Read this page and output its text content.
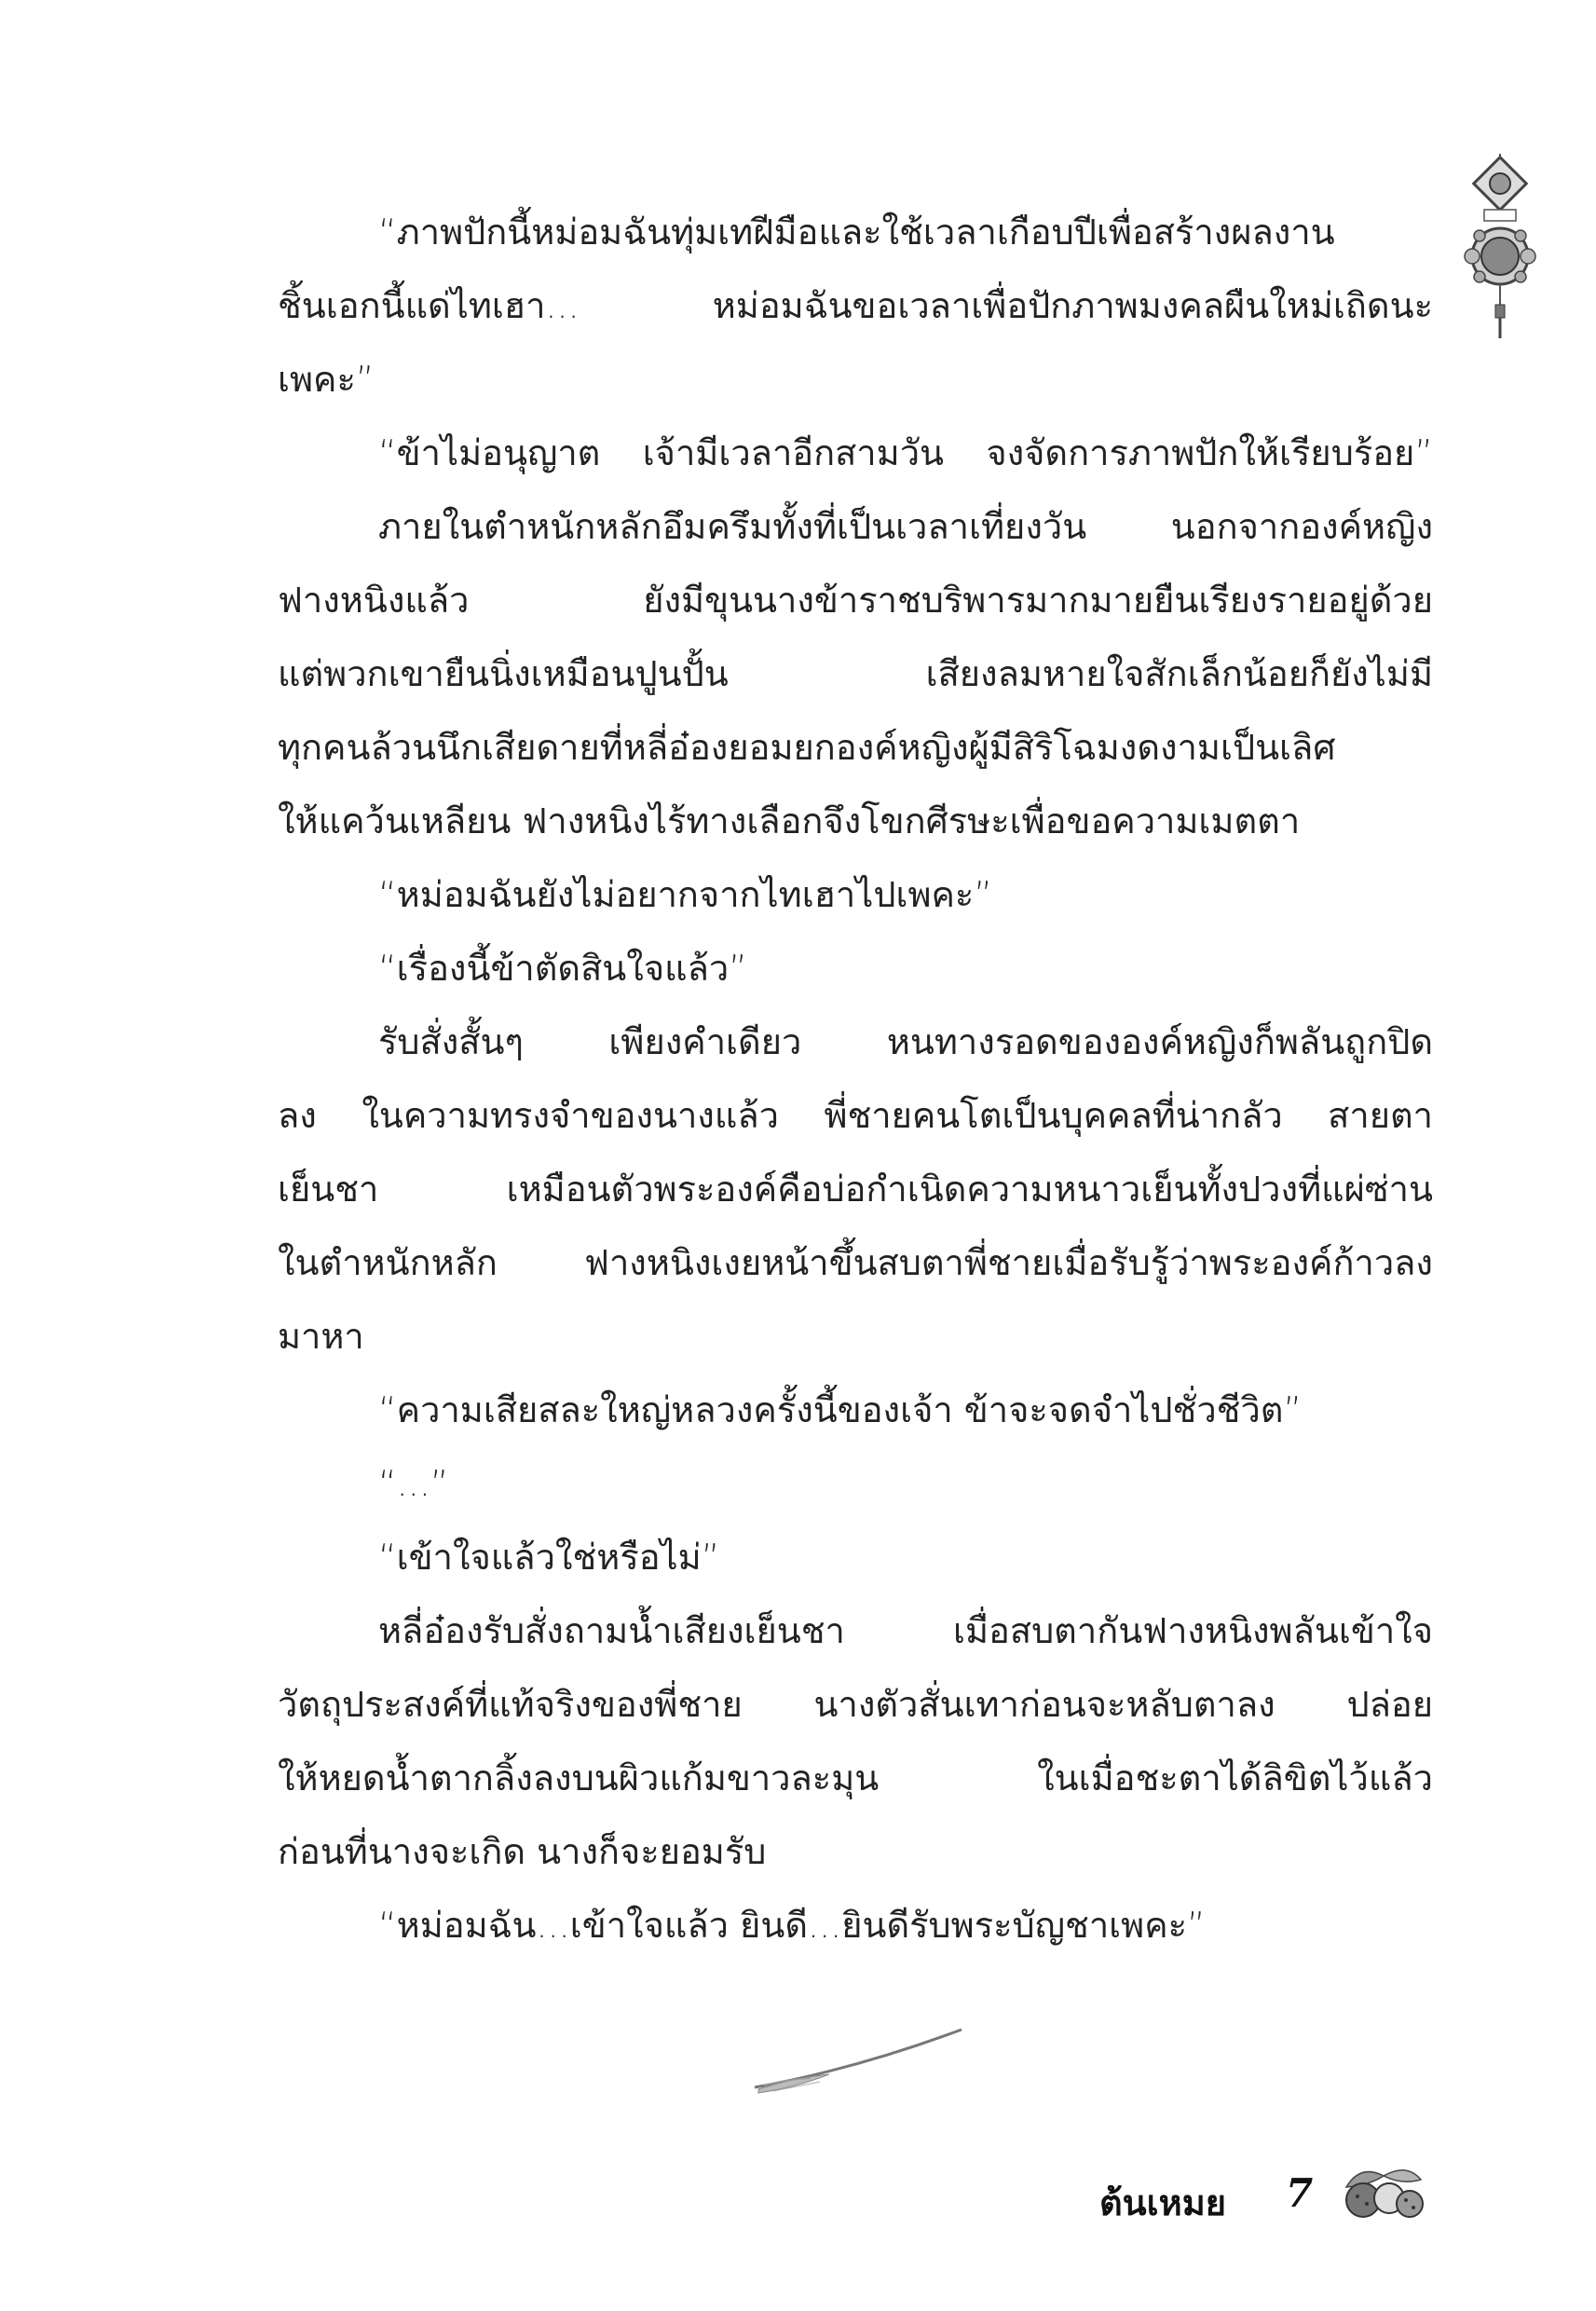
“ภาพปักนี้หม่อมฉันทุ่มเทฝีมือและใช้เวลาเกือบปีเพื่อสร้างผลงาน
ชิ้นเอกนี้แด่ไทเฮา... หม่อมฉันขอเวลาเพื่อปักภาพมงคลผืนใหม่เถิดนะ
เพคะ”
“ข้าไม่อนุญาต เจ้ามีเวลาอีกสามวัน จงจัดการภาพปักให้เรียบร้อย”
ภายในตำหนักหลักอึมครึมทั้งที่เป็นเวลาเที่ยงวัน นอกจากองค์หญิง
ฟางหนิงแล้ว ยังมีขุนนางข้าราชบริพารมากมายยืนเรียงรายอยู่ด้วย
แต่พวกเขายืนนิ่งเหมือนปูนปั้น เสียงลมหายใจสักเล็กน้อยก็ยังไม่มี
ทุกคนล้วนนึกเสียดายที่หลี่อ๋องยอมยกองค์หญิงผู้มีสิริโฉมงดงามเป็นเลิศ
ให้แคว้นเหลียน ฟางหนิงไร้ทางเลือกจึงโขกศีรษะเพื่อขอความเมตตา
“หม่อมฉันยังไม่อยากจากไทเฮาไปเพคะ”
“เรื่องนี้ข้าตัดสินใจแล้ว”
รับสั่งสั้นๆ เพียงคำเดียว หนทางรอดขององค์หญิงก็พลันถูกปิด
ลง ในความทรงจำของนางแล้ว พี่ชายคนโตเป็นบุคคลที่น่ากลัว สายตา
เย็นชา เหมือนตัวพระองค์คือบ่อกำเนิดความหนาวเย็นทั้งปวงที่แผ่ซ่าน
ในตำหนักหลัก ฟางหนิงเงยหน้าขึ้นสบตาพี่ชายเมื่อรับรู้ว่าพระองค์ก้าวลง
มาหา
“ความเสียสละใหญ่หลวงครั้งนี้ของเจ้า ข้าจะจดจำไปชั่วชีวิต”
“...”
“เข้าใจแล้วใช่หรือไม่”
หลี่อ๋องรับสั่งถามน้ำเสียงเย็นชา เมื่อสบตากันฟางหนิงพลันเข้าใจ
วัตถุประสงค์ที่แท้จริงของพี่ชาย นางตัวสั่นเทาก่อนจะหลับตาลง ปล่อย
ให้หยดน้ำตากลิ้งลงบนผิวแก้มขาวละมุน ในเมื่อชะตาได้ลิขิตไว้แล้ว
ก่อนที่นางจะเกิด นางก็จะยอมรับ
“หม่อมฉัน...เข้าใจแล้ว ยินดี...ยินดีรับพระบัญชาเพคะ”
ต้นเหมย 7
